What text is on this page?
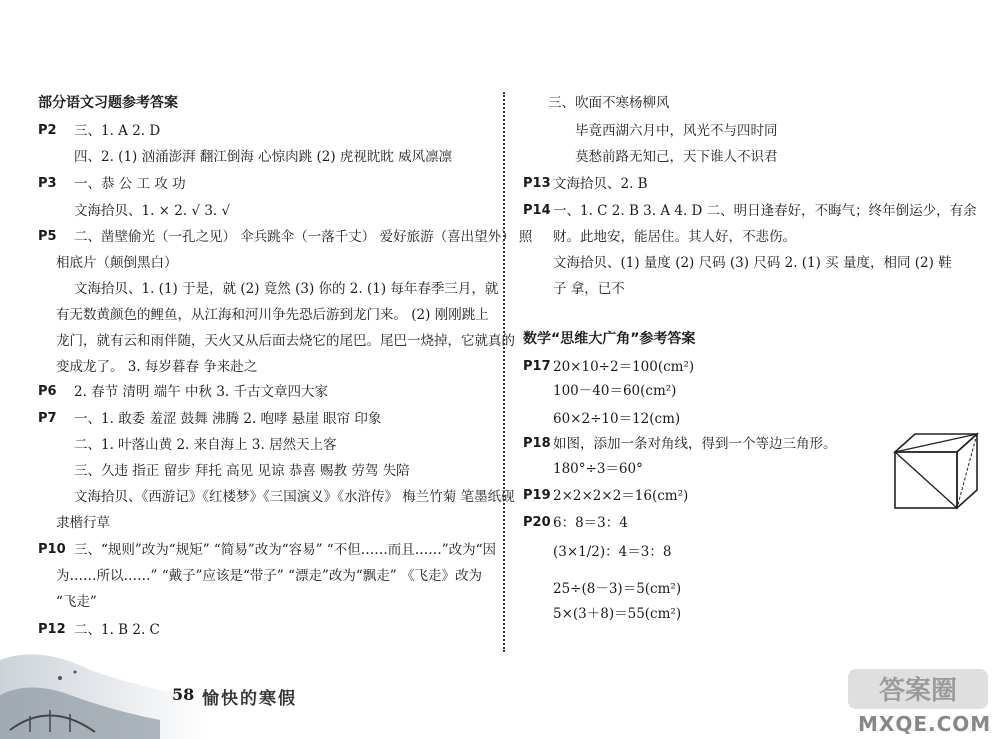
部分语文习题参考答案
P2 三、1. A 2. D
四、2. (1) 汹涌澎湃 翻江倒海 心惊肉跳 (2) 虎视眈眈 威风凛凛
P3 一、恭 公 工 攻 功
文海拾贝、1. × 2. √ 3. √
P5 二、凿壁偷光（一孔之见） 伞兵跳伞（一落千丈） 爱好旅游（喜出望外） 照
相底片（颠倒黑白）
文海拾贝、1. (1) 于是，就 (2) 竟然 (3) 你的 2. (1) 每年春季三月，就
有无数黄颜色的鲤鱼，从江海和河川争先恐后游到龙门来。 (2) 刚刚跳上
龙门，就有云和雨伴随，天火又从后面去烧它的尾巴。尾巴一烧掉，它就真的
变成龙了。 3. 每岁暮春 争来赴之
P6 2. 春节 清明 端午 中秋 3. 千古文章四大家
P7 一、1. 敢委 羞涩 鼓舞 沸腾 2. 咆哮 悬崖 眼帘 印象
二、1. 叶落山黄 2. 来自海上 3. 居然天上客
三、久违 指正 留步 拜托 高见 见谅 恭喜 赐教 劳驾 失陪
文海拾贝、《西游记》《红楼梦》《三国演义》《水浒传》 梅兰竹菊 笔墨纸砚
隶楷行草
P10 三、“规则”改为“规矩” “简易”改为“容易” “不但……而且……”改为“因
为……所以……” “戴子”应该是“带子” “漂走”改为“飘走” 《飞走》改为
“飞走”
P12 二、1. B 2. C
三、吹面不寒杨柳风
毕竟西湖六月中，风光不与四时同
莫愁前路无知己，天下谁人不识君
P13 文海拾贝、2. B
P14 一、1. C 2. B 3. A 4. D 二、明日逢春好，不晦气；终年倒运少，有余
财。此地安，能居住。其人好，不悲伤。
文海拾贝、(1) 量度 (2) 尺码 (3) 尺码 2. (1) 买 量度，相同 (2) 鞋
子 拿，已不
数学“思维大广角”参考答案
P17 20×10÷2＝100(cm²)
100－40＝60(cm²)
60×2÷10＝12(cm)
P18 如图，添加一条对角线，得到一个等边三角形。
180°÷3＝60°
P19 2×2×2×2＝16(cm²)
P20 6：8＝3：4
(3×1/2)：4＝3：8
25÷(8－3)＝5(cm²)
5×(3＋8)＝55(cm²)
58 愉快的寒假	答案圈
MXQE.COM
